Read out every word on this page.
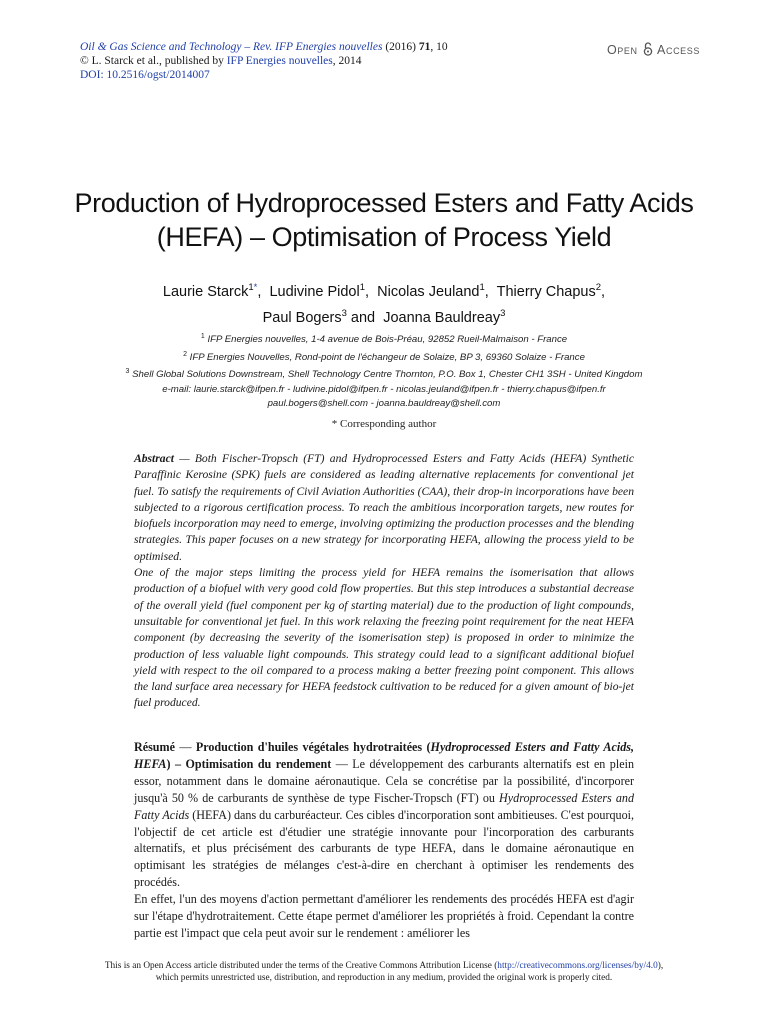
Oil & Gas Science and Technology – Rev. IFP Energies nouvelles (2016) 71, 10
© L. Starck et al., published by IFP Energies nouvelles, 2014
DOI: 10.2516/ogst/2014007
Open Access
Production of Hydroprocessed Esters and Fatty Acids
(HEFA) – Optimisation of Process Yield
Laurie Starck$^{1*}$,  Ludivine Pidol$^1$,  Nicolas Jeuland$^1$,  Thierry Chapus$^2$,
Paul Bogers$^3$ and Joanna Bauldreay$^3$
$^1$ IFP Energies nouvelles, 1-4 avenue de Bois-Préau, 92852 Rueil-Malmaison - France
$^2$ IFP Energies Nouvelles, Rond-point de l'échangeur de Solaize, BP 3, 69360 Solaize - France
$^3$ Shell Global Solutions Downstream, Shell Technology Centre Thornton, P.O. Box 1, Chester CH1 3SH - United Kingdom
e-mail: laurie.starck@ifpen.fr - ludivine.pidol@ifpen.fr - nicolas.jeuland@ifpen.fr - thierry.chapus@ifpen.fr
paul.bogers@shell.com - joanna.bauldreay@shell.com
* Corresponding author

Abstract — Both Fischer-Tropsch (FT) and Hydroprocessed Esters and Fatty Acids (HEFA) Synthetic Paraffinic Kerosine (SPK) fuels are considered as leading alternative replacements for conventional jet fuel. To satisfy the requirements of Civil Aviation Authorities (CAA), their drop-in incorporations have been subjected to a rigorous certification process. To reach the ambitious incorporation targets, new routes for biofuels incorporation may need to emerge, involving optimizing the production processes and the blending strategies. This paper focuses on a new strategy for incorporating HEFA, allowing the process yield to be optimised.

One of the major steps limiting the process yield for HEFA remains the isomerisation that allows production of a biofuel with very good cold flow properties. But this step introduces a substantial decrease of the overall yield (fuel component per kg of starting material) due to the production of light compounds, unsuitable for conventional jet fuel. In this work relaxing the freezing point requirement for the neat HEFA component (by decreasing the severity of the isomerisation step) is proposed in order to minimize the production of less valuable light compounds. This strategy could lead to a significant additional biofuel yield with respect to the oil compared to a process making a better freezing point component. This allows the land surface area necessary for HEFA feedstock cultivation to be reduced for a given amount of bio-jet fuel produced.

Résumé — Production d'huiles végétales hydrotraitées (Hydroprocessed Esters and Fatty Acids, HEFA) – Optimisation du rendement — Le développement des carburants alternatifs est en plein essor, notamment dans le domaine aéronautique. Cela se concrétise par la possibilité, d'incorporer jusqu'à 50 % de carburants de synthèse de type Fischer-Tropsch (FT) ou Hydroprocessed Esters and Fatty Acids (HEFA) dans du carburéacteur. Ces cibles d'incorporation sont ambitieuses. C'est pourquoi, l'objectif de cet article est d'étudier une stratégie innovante pour l'incorporation des carburants alternatifs, et plus précisément des carburants de type HEFA, dans le domaine aéronautique en optimisant les stratégies de mélanges c'est-à-dire en cherchant à optimiser les rendements des procédés.

En effet, l'un des moyens d'action permettant d'améliorer les rendements des procédés HEFA est d'agir sur l'étape d'hydrotraitement. Cette étape permet d'améliorer les propriétés à froid. Cependant la contre partie est l'impact que cela peut avoir sur le rendement : améliorer les

This is an Open Access article distributed under the terms of the Creative Commons Attribution License (http://creativecommons.org/licenses/by/4.0),
which permits unrestricted use, distribution, and reproduction in any medium, provided the original work is properly cited.
